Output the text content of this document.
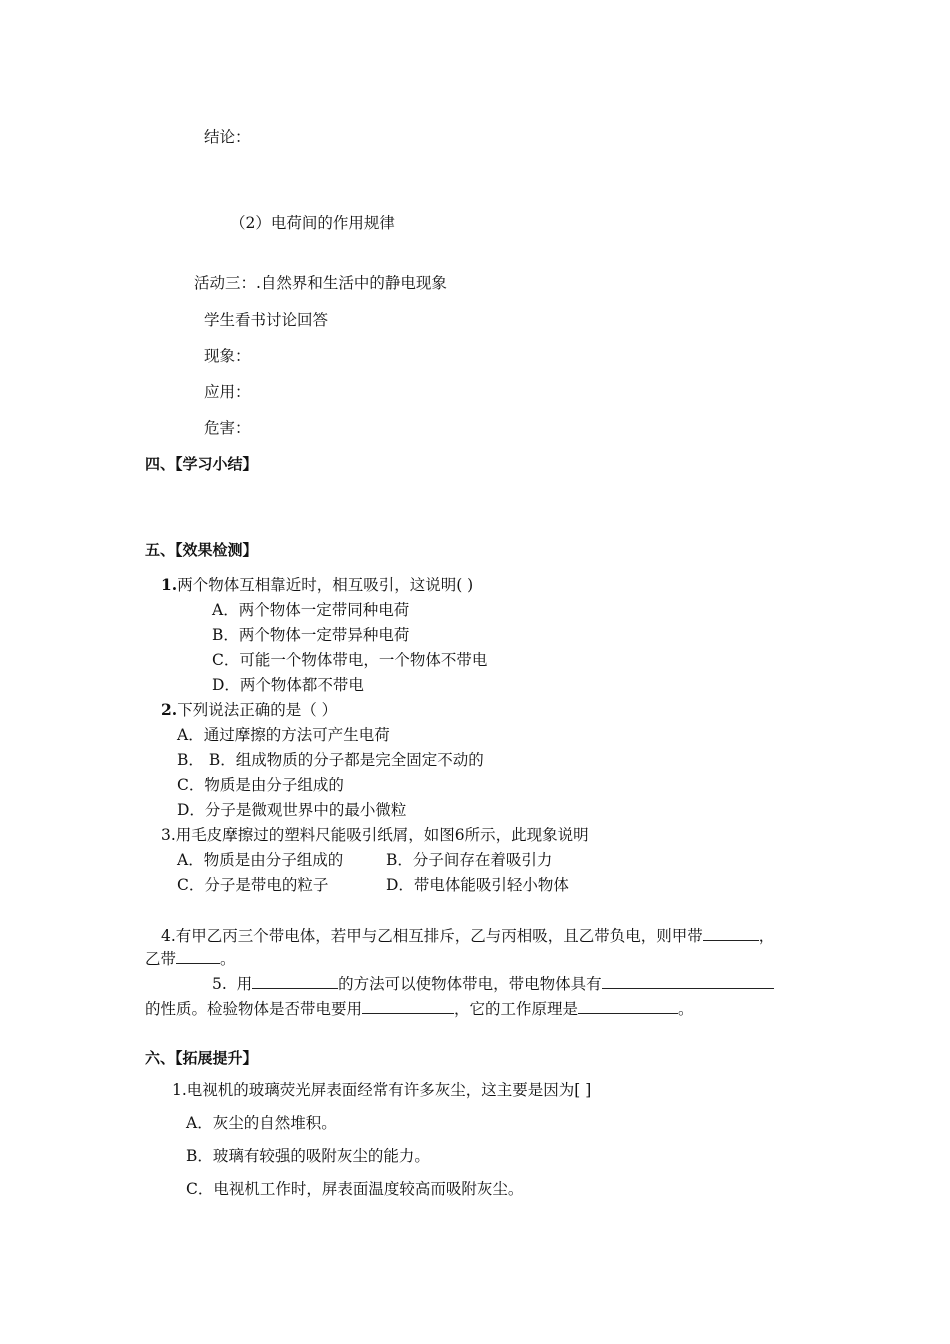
结论：
（2）电荷间的作用规律
活动三：.自然界和生活中的静电现象
学生看书讨论回答
现象：
应用：
危害：
四、【学习小结】
五、【效果检测】
1.两个物体互相靠近时，相互吸引，这说明( )
A．两个物体一定带同种电荷
B．两个物体一定带异种电荷
C．可能一个物体带电，一个物体不带电
D．两个物体都不带电
2.下列说法正确的是（ ）
A．通过摩擦的方法可产生电荷
B． B．组成物质的分子都是完全固定不动的
C．物质是由分子组成的
D．分子是微观世界中的最小微粒
3.用毛皮摩擦过的塑料尺能吸引纸屑，如图6所示，此现象说明
A．物质是由分子组成的	B．分子间存在着吸引力
C．分子是带电的粒子	D．带电体能吸引轻小物体
4.有甲乙丙三个带电体，若甲与乙相互排斥，乙与丙相吸，且乙带负电，则甲带	，
乙带	。
5. 用	的方法可以使物体带电，带电物体具有
的性质。检验物体是否带电要用	，它的工作原理是	。
六、【拓展提升】
1.电视机的玻璃荧光屏表面经常有许多灰尘，这主要是因为[ ]
A．灰尘的自然堆积。
B．玻璃有较强的吸附灰尘的能力。
C．电视机工作时，屏表面温度较高而吸附灰尘。
